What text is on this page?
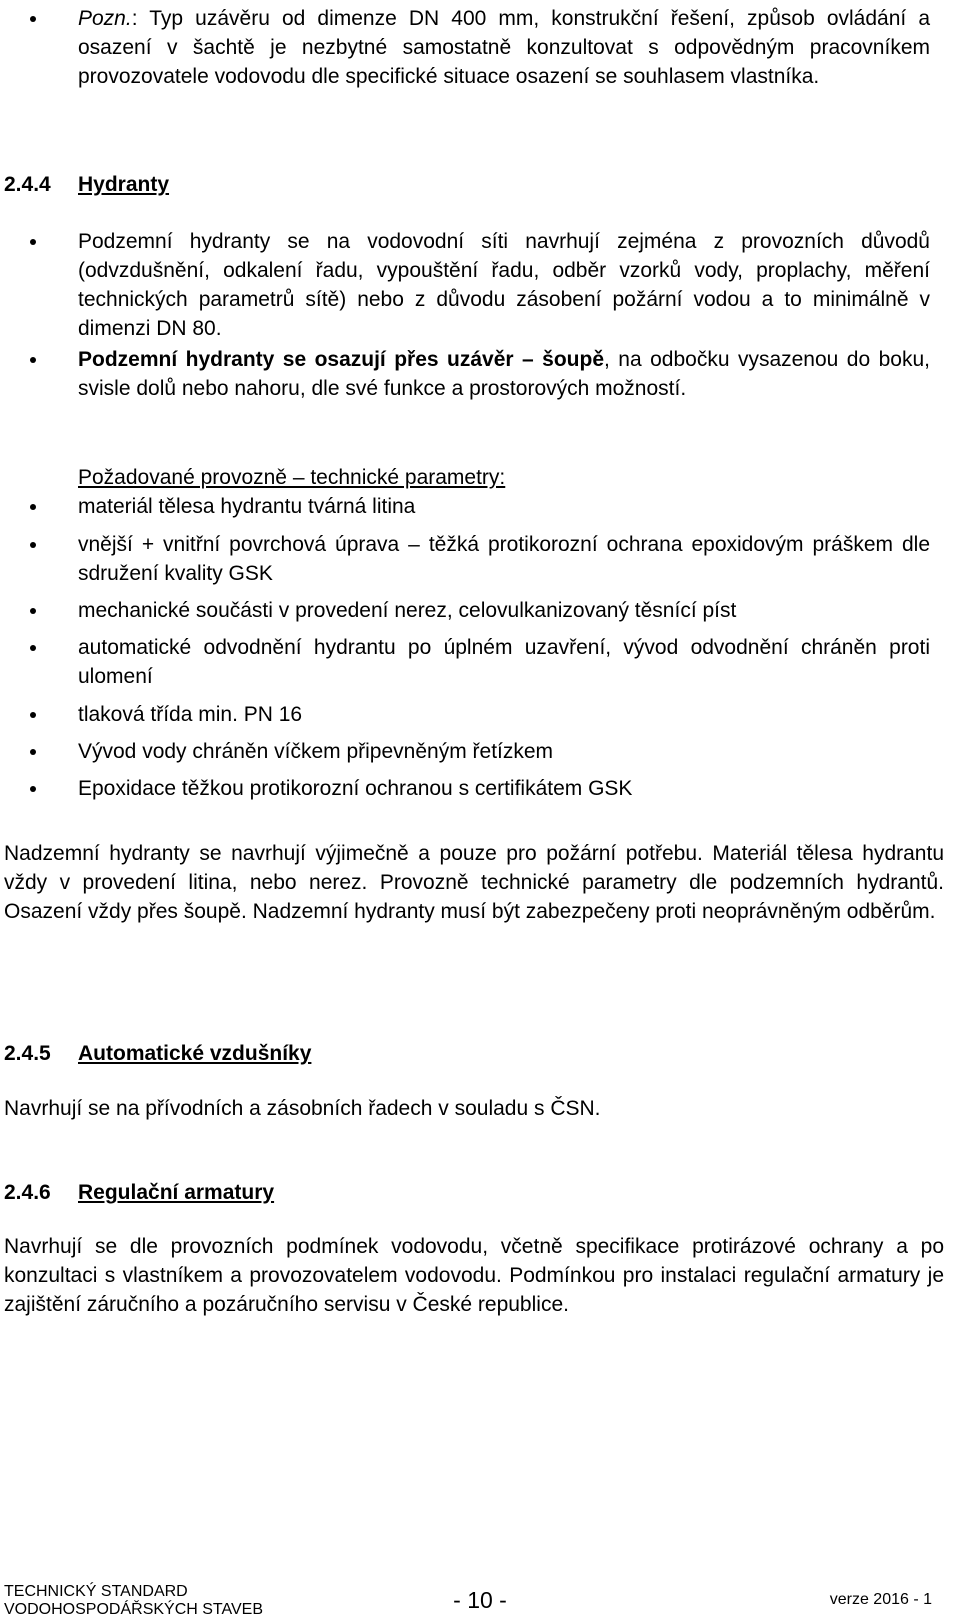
Pozn.: Typ uzávěru od dimenze DN 400 mm, konstrukční řešení, způsob ovládání a osazení v šachtě je nezbytné samostatně konzultovat s odpovědným pracovníkem provozovatele vodovodu dle specifické situace osazení se souhlasem vlastníka.
2.4.4 Hydranty
Podzemní hydranty se na vodovodní síti navrhují zejména z provozních důvodů (odvzdušnění, odkalení řadu, vypouštění řadu, odběr vzorků vody, proplachy, měření technických parametrů sítě) nebo z důvodu zásobení požární vodou a to minimálně v dimenzi DN 80.
Podzemní hydranty se osazují přes uzávěr – šoupě, na odbočku vysazenou do boku, svisle dolů nebo nahoru, dle své funkce a prostorových možností.
Požadované provozně – technické parametry:
materiál tělesa hydrantu tvárná litina
vnější + vnitřní povrchová úprava – těžká protikorozní ochrana epoxidovým práškem dle sdružení kvality GSK
mechanické součásti v provedení nerez, celovulkanizovaný těsnící píst
automatické odvodnění hydrantu po úplném uzavření, vývod odvodnění chráněn proti ulomení
tlaková třída min. PN 16
Vývod vody chráněn víčkem připevněným řetízkem
Epoxidace těžkou protikorozní ochranou s certifikátem GSK
Nadzemní hydranty se navrhují výjimečně a pouze pro požární potřebu. Materiál tělesa hydrantu vždy v provedení litina, nebo nerez. Provozně technické parametry dle podzemních hydrantů. Osazení vždy přes šoupě. Nadzemní hydranty musí být zabezpečeny proti neoprávněným odběrům.
2.4.5 Automatické vzdušníky
Navrhují se na přívodních a zásobních řadech v souladu s ČSN.
2.4.6 Regulační armatury
Navrhují se dle provozních podmínek vodovodu, včetně specifikace protirázové ochrany a po konzultaci s vlastníkem a provozovatelem vodovodu. Podmínkou pro instalaci regulační armatury je zajištění záručního a pozáručního servisu v České republice.
TECHNICKÝ STANDARD
VODOHOSPODÁŘSKÝCH STAVEB	- 10 -	verze 2016 - 1
